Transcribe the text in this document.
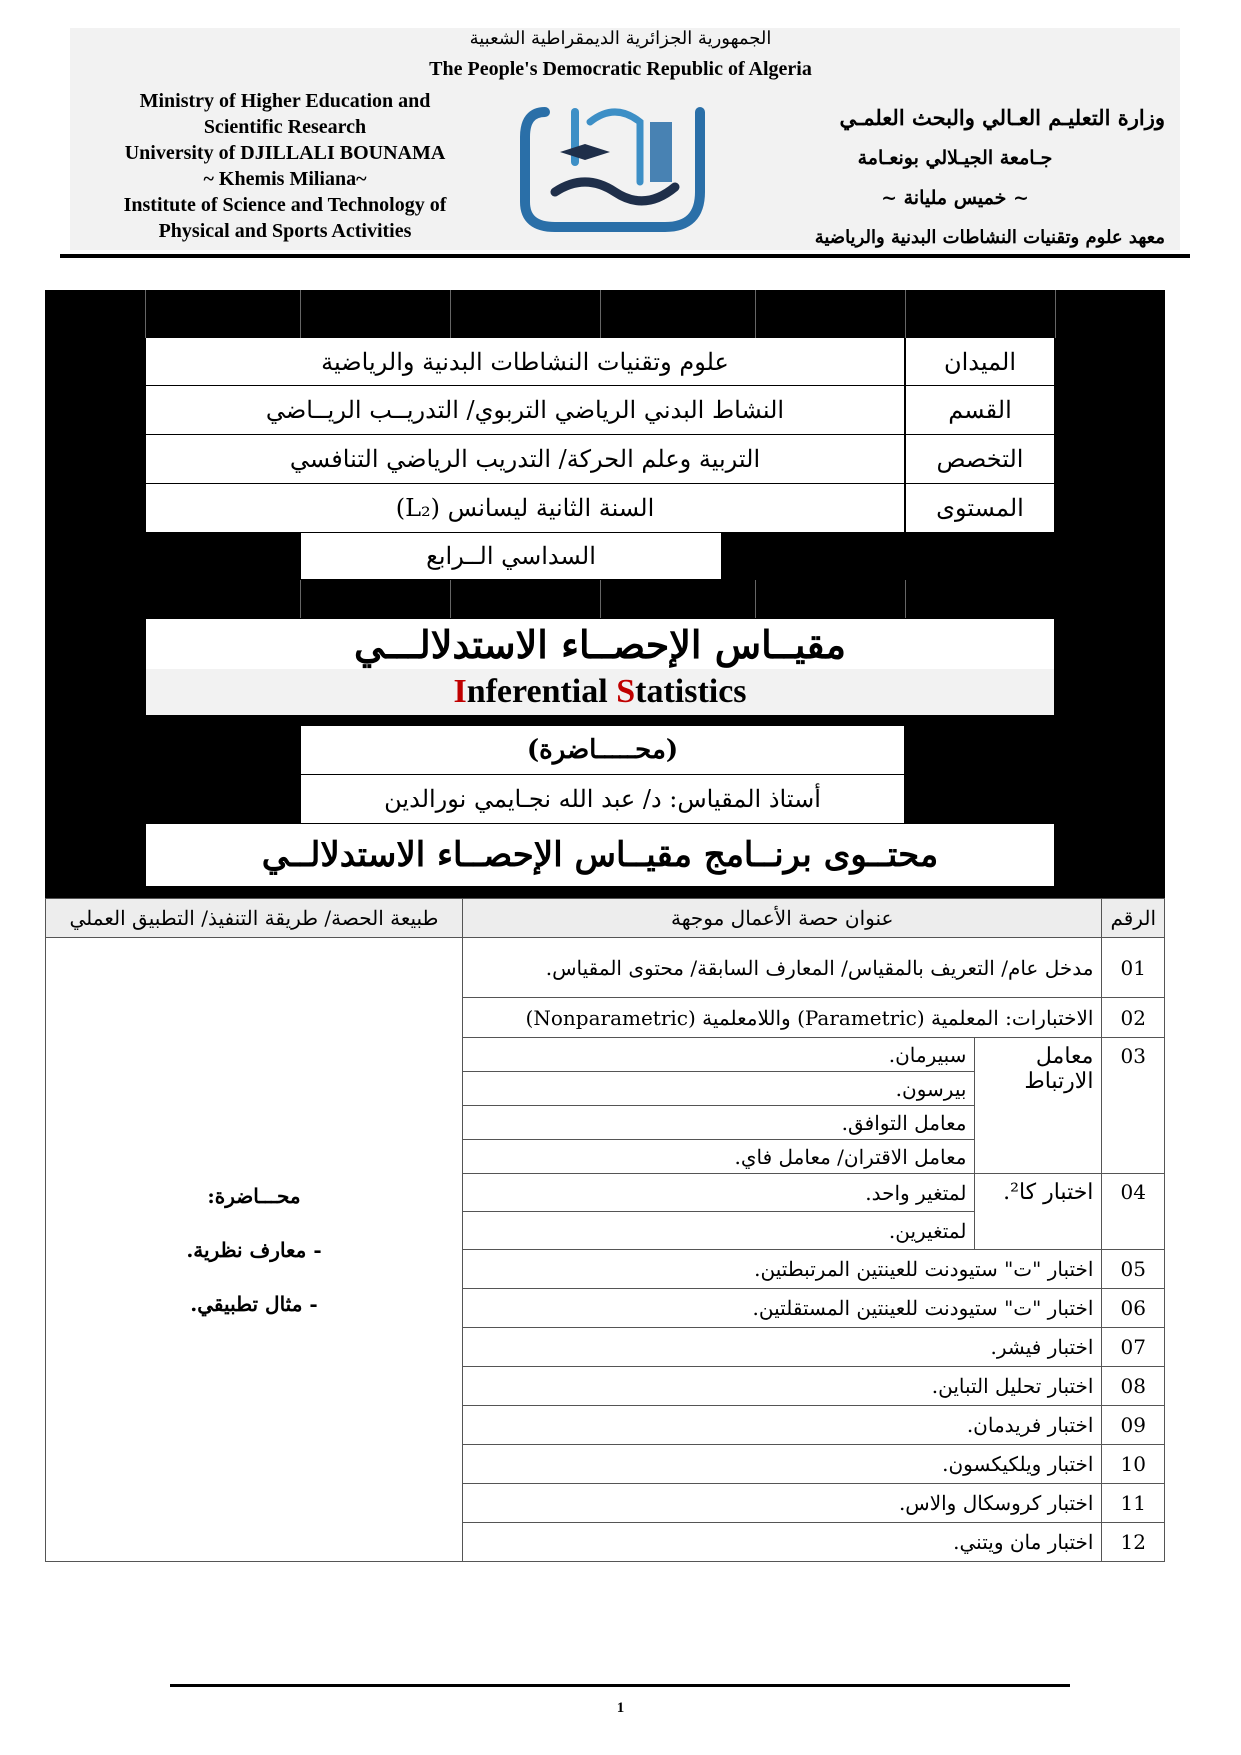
الجمهورية الجزائرية الديمقراطية الشعبية
The People's Democratic Republic of Algeria
Ministry of Higher Education and
Scientific Research
University of DJILLALI BOUNAMA
~ Khemis Miliana~
Institute of Science and Technology of
Physical and Sports Activities
وزارة التعليـم العـالي والبحث العلمـي
جـامعة الجيـلالي بونعـامة
~ خميس مليانة ~
معهد علوم وتقنيات النشاطات البدنية والرياضية
علوم وتقنيات النشاطات البدنية والرياضية	الميدان
النشاط البدني الرياضي التربوي/ التدريــب الريــاضي	القسم
التربية وعلم الحركة/ التدريب الرياضي التنافسي	التخصص
السنة الثانية ليسانس (L₂)	المستوى
السداسي الــرابع
مقيــاس الإحصــاء الاستدلالـــي
Inferential Statistics
(محـــــاضرة)
أستاذ المقياس: د/ عبد الله نجـايمي نورالدين
محتــوى برنــامج مقيــاس الإحصــاء الاستدلالــي
الرقم	عنوان حصة الأعمال موجهة		طبيعة الحصة/ طريقة التنفيذ/ التطبيق العملي
01	مدخل عام/ التعريف بالمقياس/ المعارف السابقة/ محتوى المقياس.		محـــاضرة:
- معارف نظرية.
- مثال تطبيقي.

02	الاختبارات: المعلمية (Parametric) واللامعلمية (Nonparametric)		
03	معامل الارتباط	سبيرمان.	
		بيرسون.	
		معامل التوافق.	
		معامل الاقتران/ معامل فاي.	
04	اختبار كا².	لمتغير واحد.	
		لمتغيرين.	
05	اختبار "ت" ستيودنت للعينتين المرتبطتين.		
06	اختبار "ت" ستيودنت للعينتين المستقلتين.		
07	اختبار فيشر.		
08	اختبار تحليل التباين.		
09	اختبار فريدمان.		
10	اختبار ويلكيكسون.		
11	اختبار كروسكال والاس.		
12	اختبار مان ويتني.		
1
